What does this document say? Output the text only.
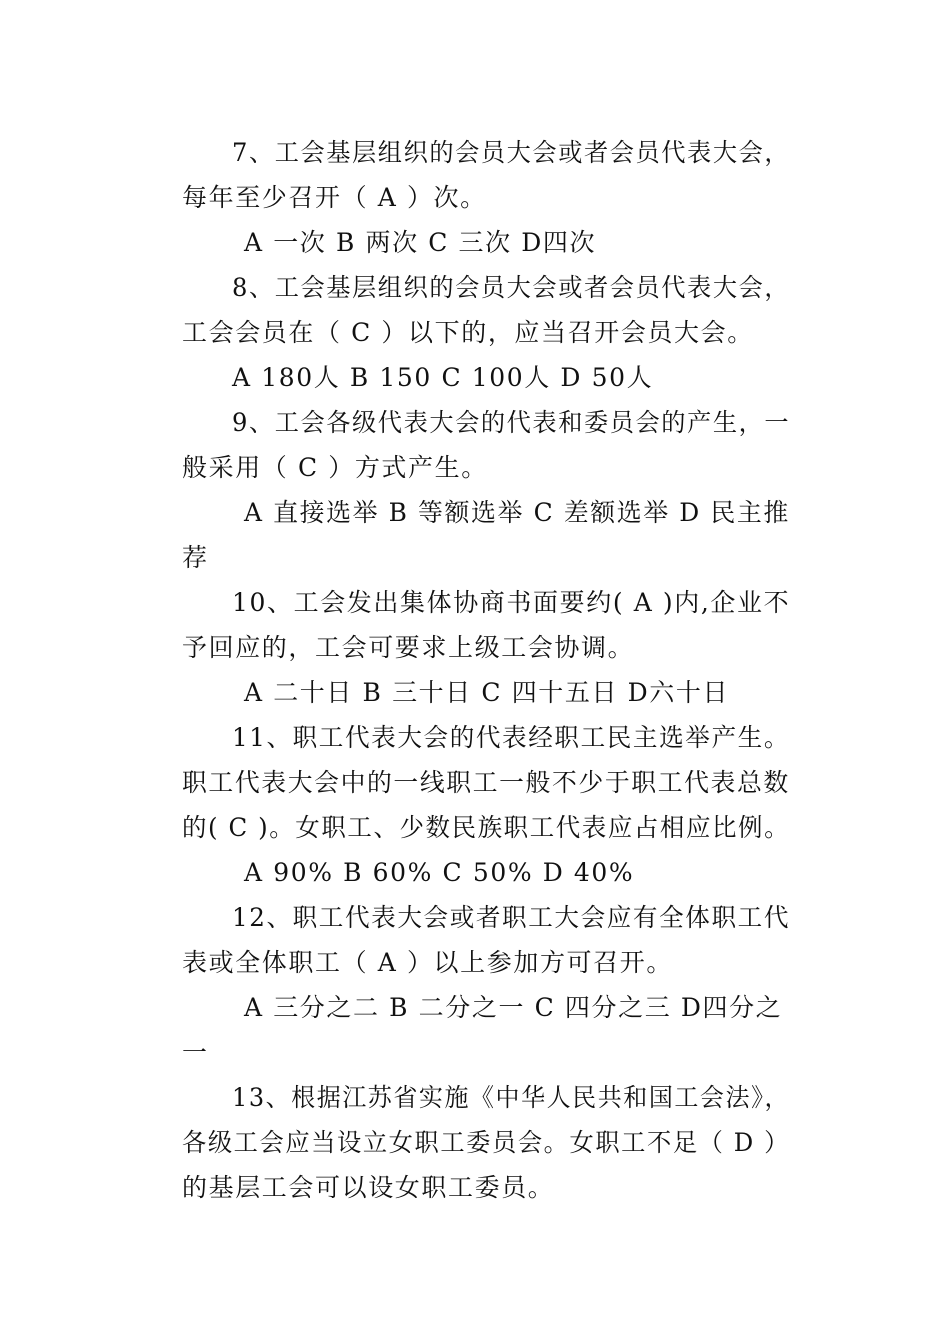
7、工会基层组织的会员大会或者会员代表大会，
每年至少召开（ A ）次。
A 一次 B 两次 C 三次 D四次
8、工会基层组织的会员大会或者会员代表大会，
工会会员在（ C ）以下的，应当召开会员大会。
A 180人 B 150 C 100人 D 50人
9、工会各级代表大会的代表和委员会的产生，一
般采用（ C ）方式产生。
A 直接选举 B 等额选举 C 差额选举 D 民主推
荐
10、工会发出集体协商书面要约( A )内,企业不
予回应的，工会可要求上级工会协调。
A 二十日 B 三十日 C 四十五日 D六十日
11、职工代表大会的代表经职工民主选举产生。
职工代表大会中的一线职工一般不少于职工代表总数
的( C )。女职工、少数民族职工代表应占相应比例。
A 90% B 60% C 50% D 40%
12、职工代表大会或者职工大会应有全体职工代
表或全体职工（ A ）以上参加方可召开。
A 三分之二 B 二分之一 C 四分之三 D四分之
一
13、根据江苏省实施《中华人民共和国工会法》，
各级工会应当设立女职工委员会。女职工不足（ D ）
的基层工会可以设女职工委员。
